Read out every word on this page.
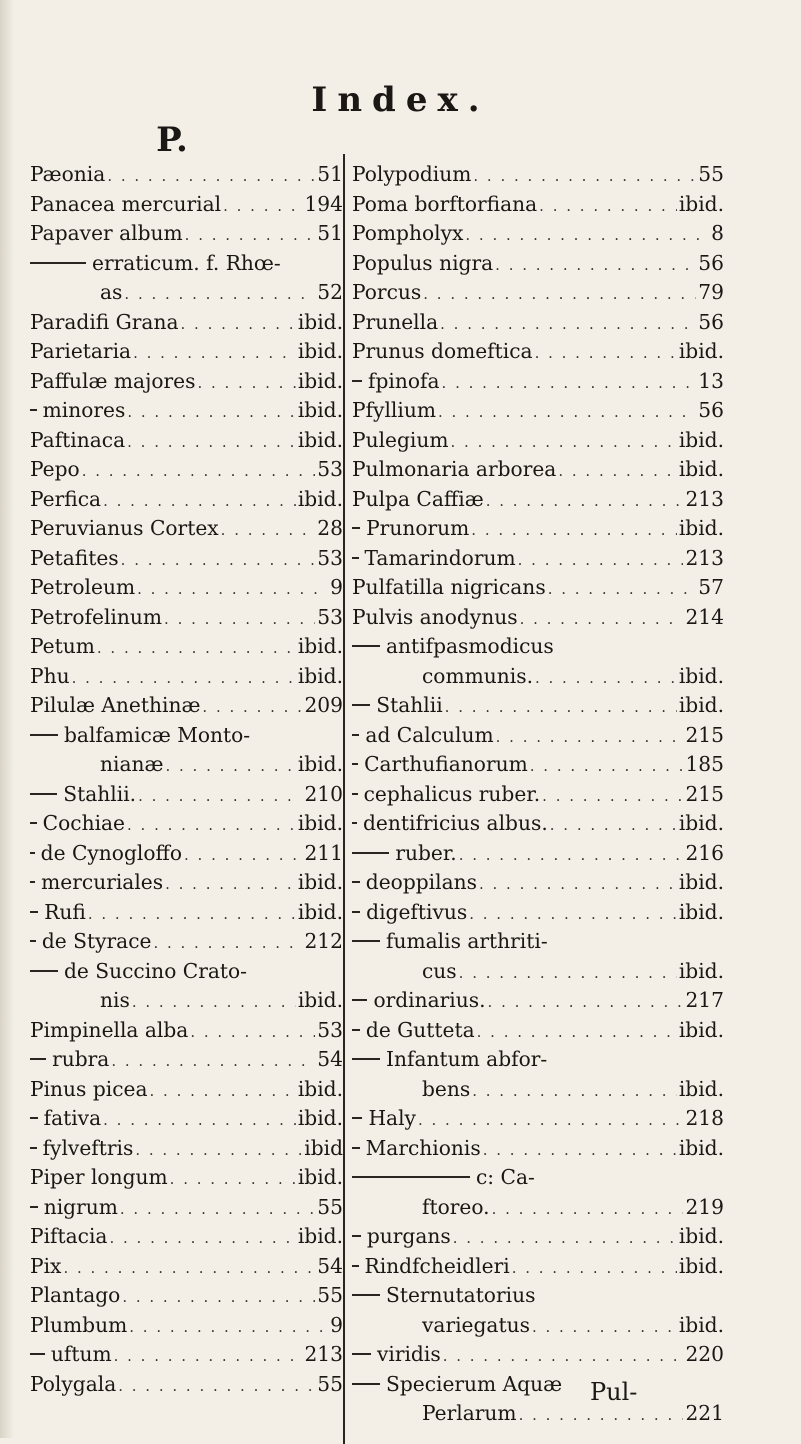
Index.
P.
Pæonia . . .	51
Panacea mercurial . . .	194
Papaver album . . .	51
erraticum. f. Rhœ-
as . . .	52
Paradifi Grana . . .	ibid.
Parietaria . . .	ibid.
Paffulæ majores . . .	ibid.
minores . . .	ibid.
Paftinaca . . .	ibid.
Pepo . . .	53
Perfica . . .	ibid.
Peruvianus Cortex . . .	28
Petafites . . .	53
Petroleum . . .	9
Petrofelinum . . .	53
Petum . . .	ibid.
Phu . . .	ibid.
Pilulæ Anethinæ . . .	209
balfamicæ Monto-
nianæ . . .	ibid.
Stahlii. . . .	210
Cochiae . . .	ibid.
de Cynogloffo . . .	211
mercuriales . . .	ibid.
Rufi . . .	ibid.
de Styrace . . .	212
de Succino Crato-
nis . . .	ibid.
Pimpinella alba . . .	53
rubra . . .	54
Pinus picea . . .	ibid.
fativa . . .	ibid.
fylveftris . . .	ibid
Piper longum . . .	ibid.
nigrum . . .	55
Piftacia . . .	ibid.
Pix . . .	54
Plantago . . .	55
Plumbum . . .	9
uftum . . .	213
Polygala . . .	55
Polypodium . . .	55
Poma borftorfiana . . .	ibid.
Pompholyx . . .	8
Populus nigra . . .	56
Porcus . . .	79
Prunella . . .	56
Prunus domeftica . . .	ibid.
fpinofa . . .	13
Pfyllium . . .	56
Pulegium . . .	ibid.
Pulmonaria arborea . . .	ibid.
Pulpa Caffiæ . . .	213
Prunorum . . .	ibid.
Tamarindorum . . .	213
Pulfatilla nigricans . . .	57
Pulvis anodynus . . .	214
antifpasmodicus
communis. . . .	ibid.
Stahlii . . .	ibid.
ad Calculum . . .	215
Carthufianorum . . .	185
cephalicus ruber. . . .	215
dentifricius albus. . . .	ibid.
ruber. . . .	216
deoppilans . . .	ibid.
digeftivus . . .	ibid.
fumalis arthriti-
cus . . .	ibid.
ordinarius. . . .	217
de Gutteta . . .	ibid.
Infantum abfor-
bens . . .	ibid.
Haly . . .	218
Marchionis . . .	ibid.
c: Ca-
ftoreo. . . .	219
purgans . . .	ibid.
Rindfcheidleri . . .	ibid.
Sternutatorius
variegatus . . .	ibid.
viridis . . .	220
Specierum Aquæ
Perlarum . . .	221
Pul-
